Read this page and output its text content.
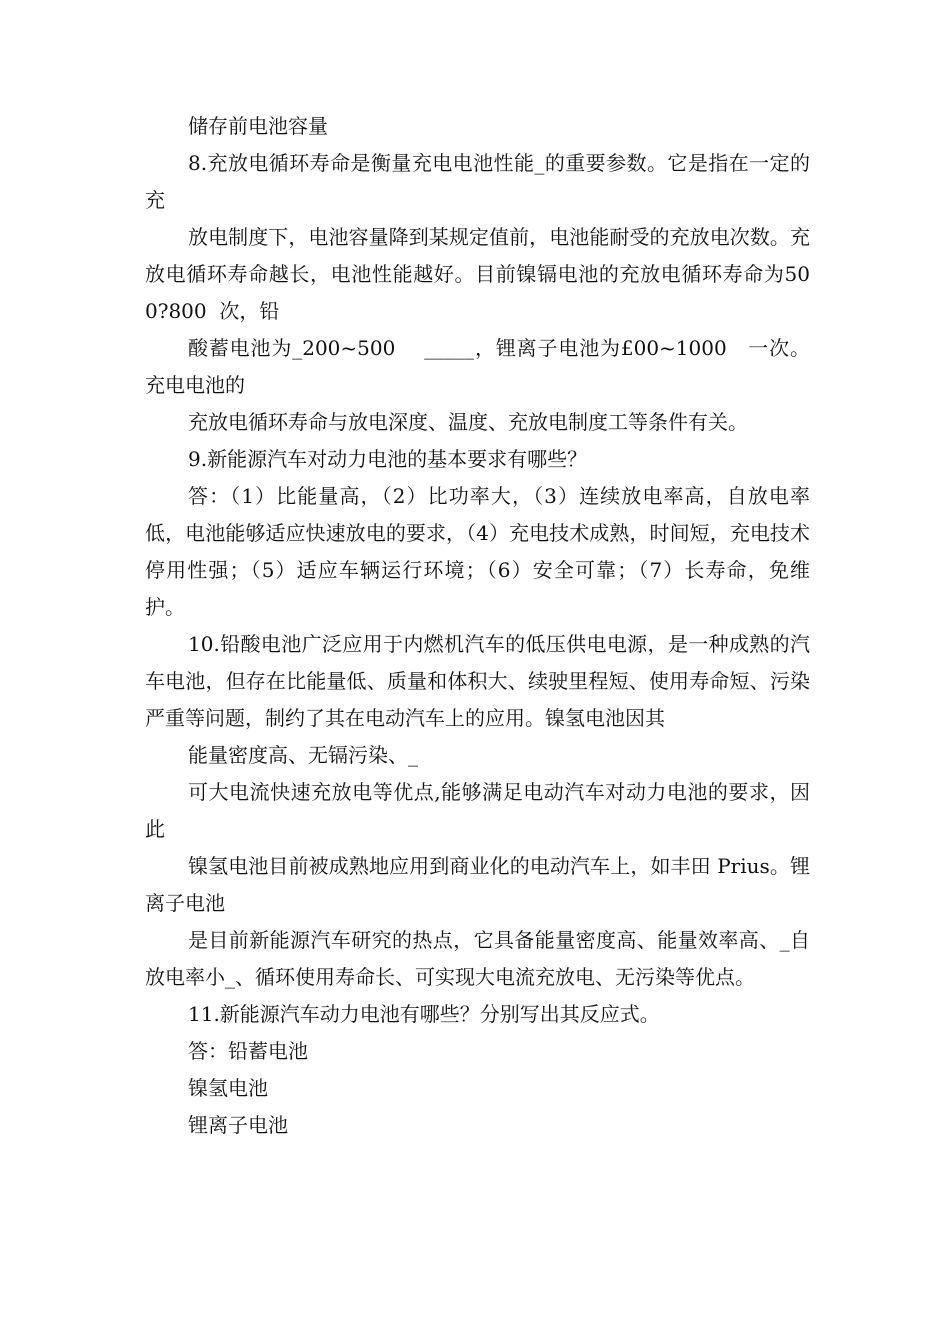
储存前电池容量

8.充放电循环寿命是衡量充电电池性能_的重要参数。它是指在一定的充

放电制度下，电池容量降到某规定值前，电池能耐受的充放电次数。充放电循环寿命越长，电池性能越好。目前镍镉电池的充放电循环寿命为500?800  次，铅

酸蓄电池为_200~500    _____，锂离子电池为£00~1000   一次。充电电池的

充放电循环寿命与放电深度、温度、充放电制度工等条件有关。

9.新能源汽车对动力电池的基本要求有哪些？

答：（1）比能量高，（2）比功率大，（3）连续放电率高，自放电率低，电池能够适应快速放电的要求，（4）充电技术成熟，时间短，充电技术停用性强；（5）适应车辆运行环境；（6）安全可靠；（7）长寿命，免维护。

10.铅酸电池广泛应用于内燃机汽车的低压供电电源，是一种成熟的汽车电池，但存在比能量低、质量和体积大、续驶里程短、使用寿命短、污染严重等问题，制约了其在电动汽车上的应用。镍氢电池因其

能量密度高、无镉污染、_

可大电流快速充放电等优点,能够满足电动汽车对动力电池的要求，因此

镍氢电池目前被成熟地应用到商业化的电动汽车上，如丰田 Prius。锂离子电池

是目前新能源汽车研究的热点，它具备能量密度高、能量效率高、_自放电率小_、循环使用寿命长、可实现大电流充放电、无污染等优点。

11.新能源汽车动力电池有哪些？分别写出其反应式。

答：铅蓄电池

镍氢电池

锂离子电池
